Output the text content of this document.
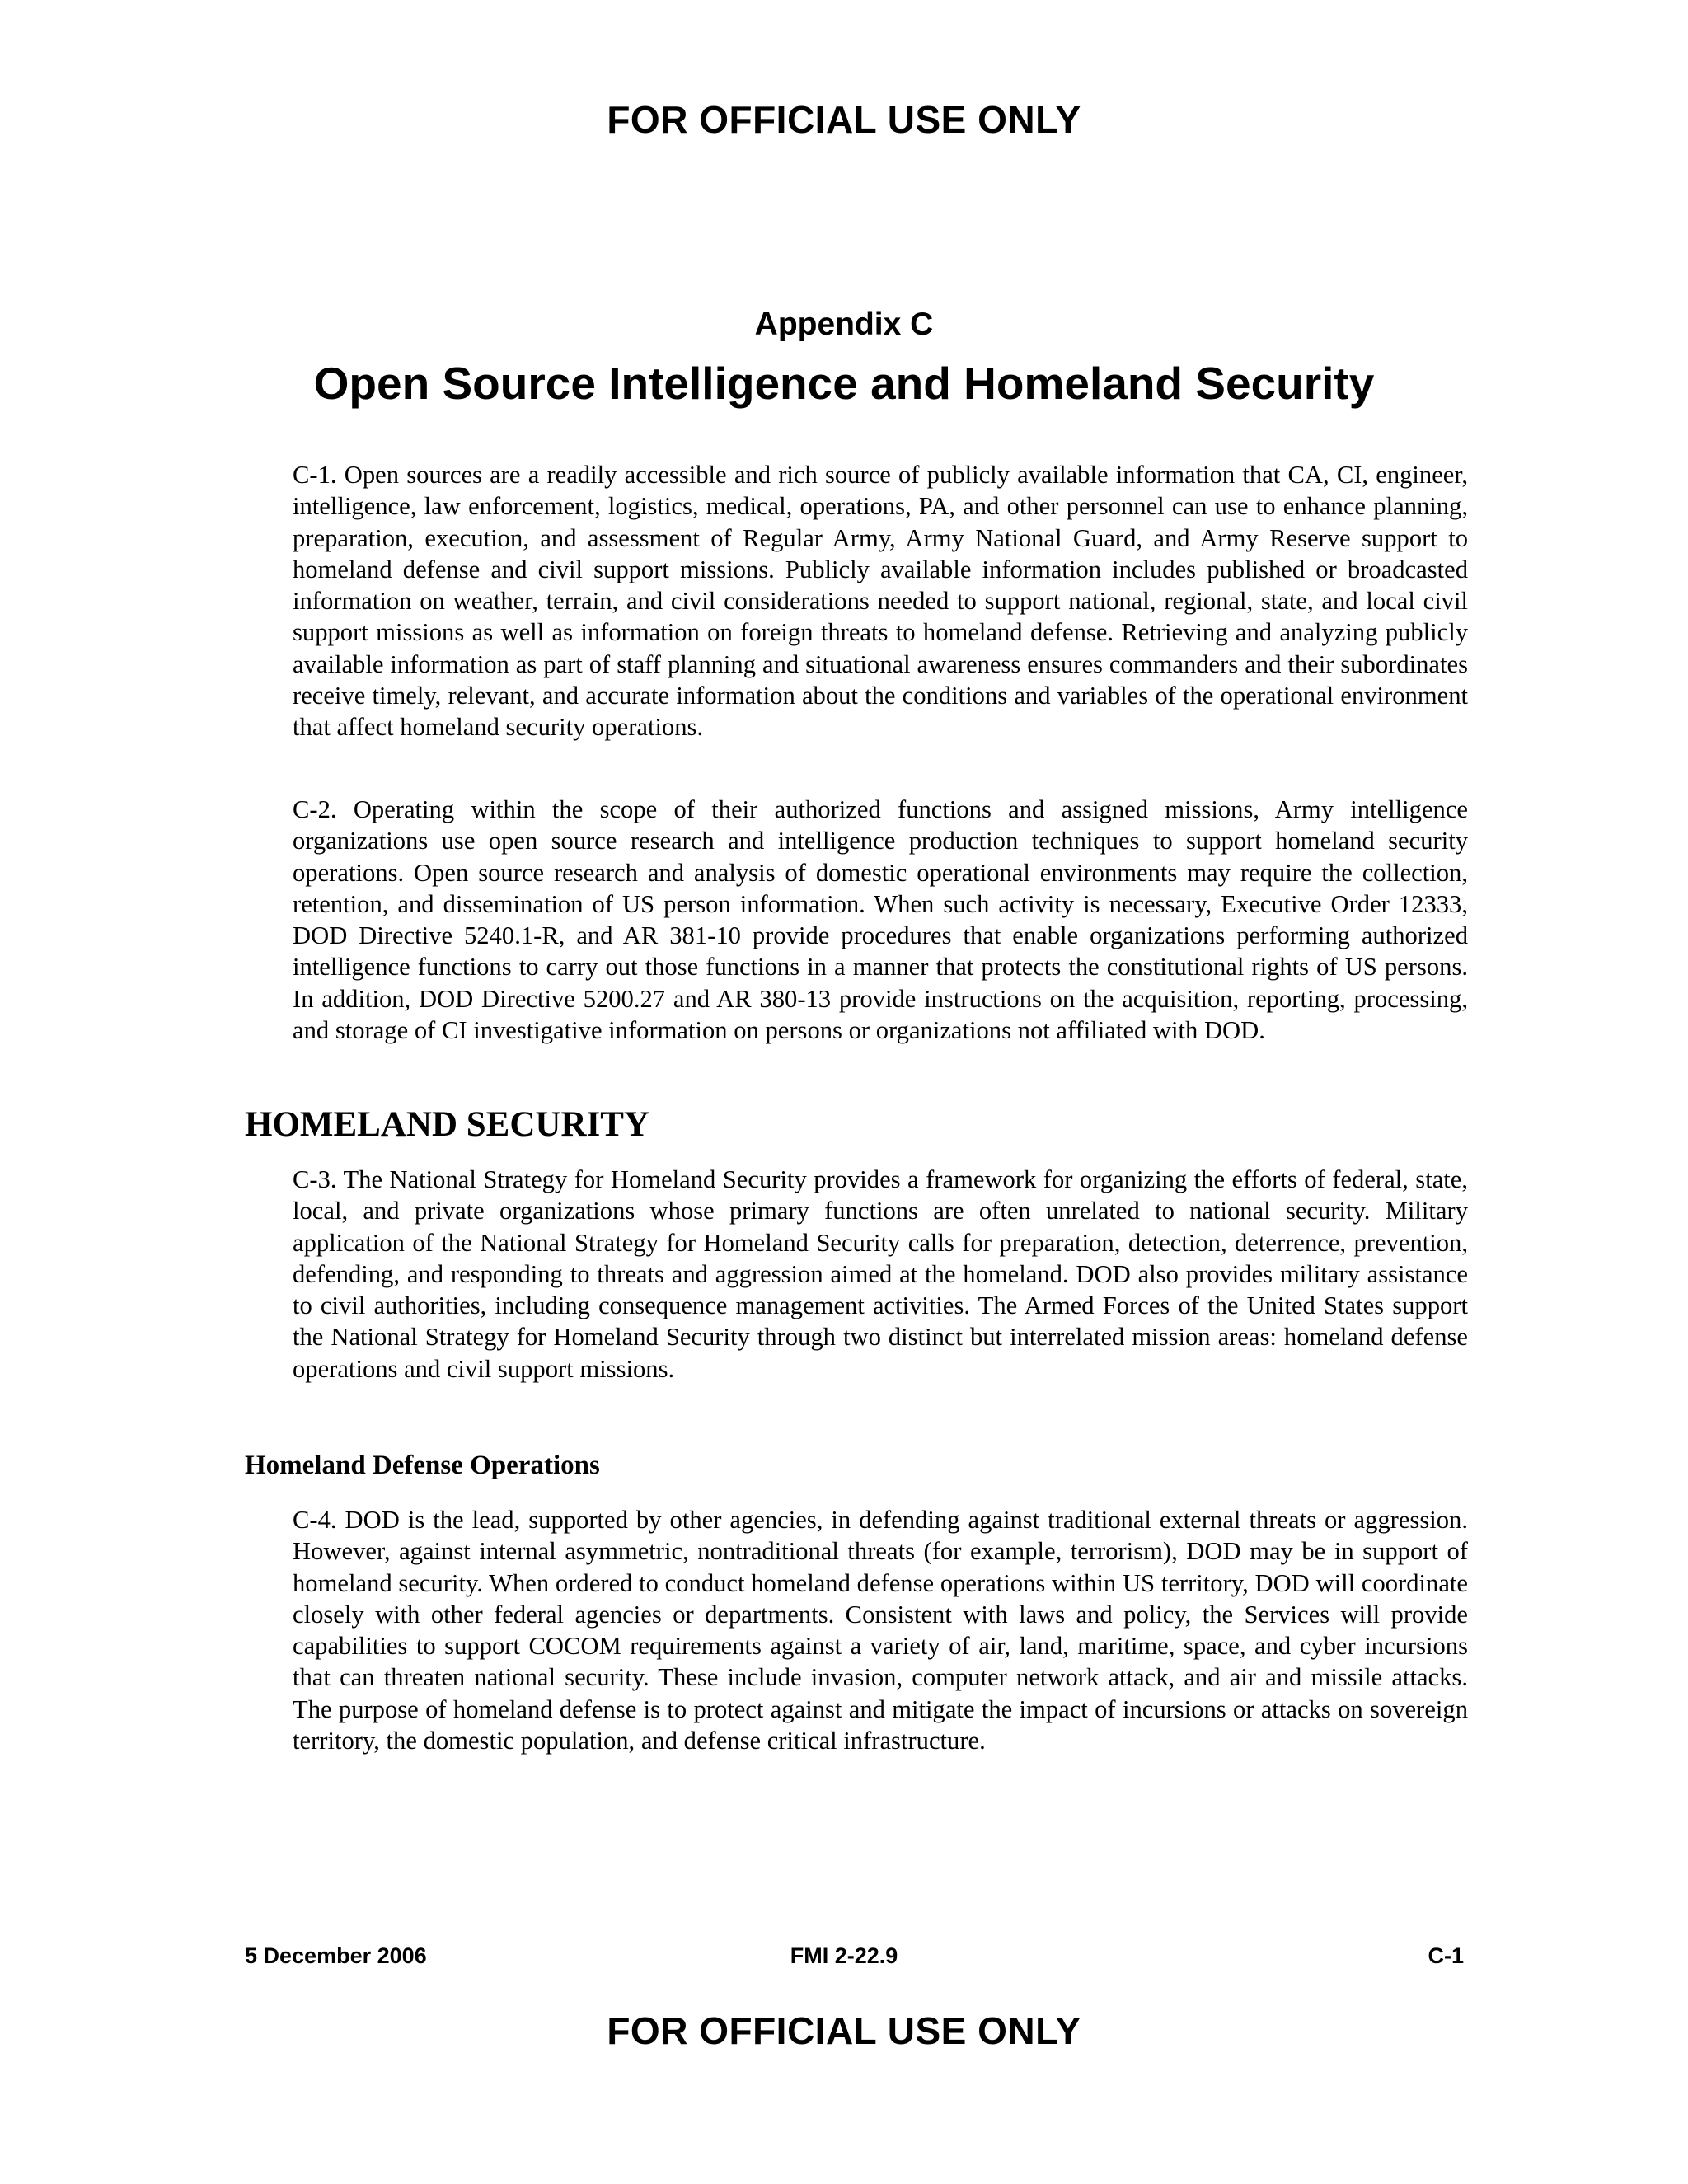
FOR OFFICIAL USE ONLY
Appendix C
Open Source Intelligence and Homeland Security

C-1. Open sources are a readily accessible and rich source of publicly available information that CA, CI, engineer, intelligence, law enforcement, logistics, medical, operations, PA, and other personnel can use to enhance planning, preparation, execution, and assessment of Regular Army, Army National Guard, and Army Reserve support to homeland defense and civil support missions. Publicly available information includes published or broadcasted information on weather, terrain, and civil considerations needed to support national, regional, state, and local civil support missions as well as information on foreign threats to homeland defense. Retrieving and analyzing publicly available information as part of staff planning and situational awareness ensures commanders and their subordinates receive timely, relevant, and accurate information about the conditions and variables of the operational environment that affect homeland security operations.

C-2. Operating within the scope of their authorized functions and assigned missions, Army intelligence organizations use open source research and intelligence production techniques to support homeland security operations. Open source research and analysis of domestic operational environments may require the collection, retention, and dissemination of US person information. When such activity is necessary, Executive Order 12333, DOD Directive 5240.1-R, and AR 381-10 provide procedures that enable organizations performing authorized intelligence functions to carry out those functions in a manner that protects the constitutional rights of US persons. In addition, DOD Directive 5200.27 and AR 380-13 provide instructions on the acquisition, reporting, processing, and storage of CI investigative information on persons or organizations not affiliated with DOD.

HOMELAND SECURITY

C-3. The National Strategy for Homeland Security provides a framework for organizing the efforts of federal, state, local, and private organizations whose primary functions are often unrelated to national security. Military application of the National Strategy for Homeland Security calls for preparation, detection, deterrence, prevention, defending, and responding to threats and aggression aimed at the homeland. DOD also provides military assistance to civil authorities, including consequence management activities. The Armed Forces of the United States support the National Strategy for Homeland Security through two distinct but interrelated mission areas: homeland defense operations and civil support missions.

Homeland Defense Operations

C-4. DOD is the lead, supported by other agencies, in defending against traditional external threats or aggression. However, against internal asymmetric, nontraditional threats (for example, terrorism), DOD may be in support of homeland security. When ordered to conduct homeland defense operations within US territory, DOD will coordinate closely with other federal agencies or departments. Consistent with laws and policy, the Services will provide capabilities to support COCOM requirements against a variety of air, land, maritime, space, and cyber incursions that can threaten national security. These include invasion, computer network attack, and air and missile attacks. The purpose of homeland defense is to protect against and mitigate the impact of incursions or attacks on sovereign territory, the domestic population, and defense critical infrastructure.

5 December 2006	FMI 2-22.9	C-1
FOR OFFICIAL USE ONLY
